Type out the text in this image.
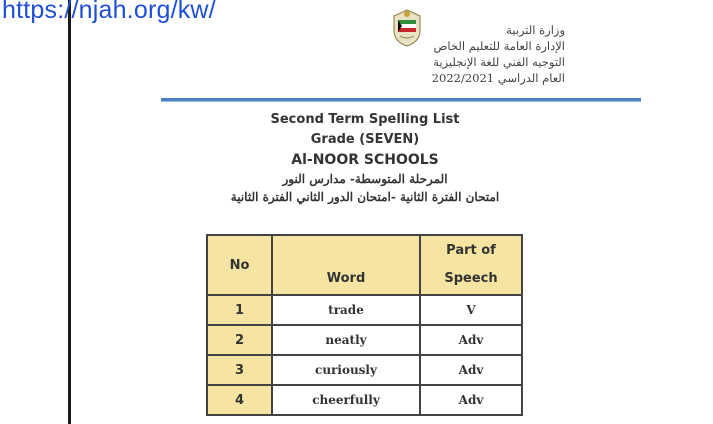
https://njah.org/kw/
وزارة التربية
الإدارة العامة للتعليم الخاص
التوجيه الفني للغة الإنجليزية
العام الدراسي 2022/2021
Second Term Spelling List
Grade (SEVEN)
Al-NOOR SCHOOLS
المرحلة المتوسطة- مدارس النور
امتحان الفترة الثانية -امتحان الدور الثاني الفترة الثانية
No	Word	Part of
Speech

1	trade	V
2	neatly	Adv
3	curiously	Adv
4	cheerfully	Adv
